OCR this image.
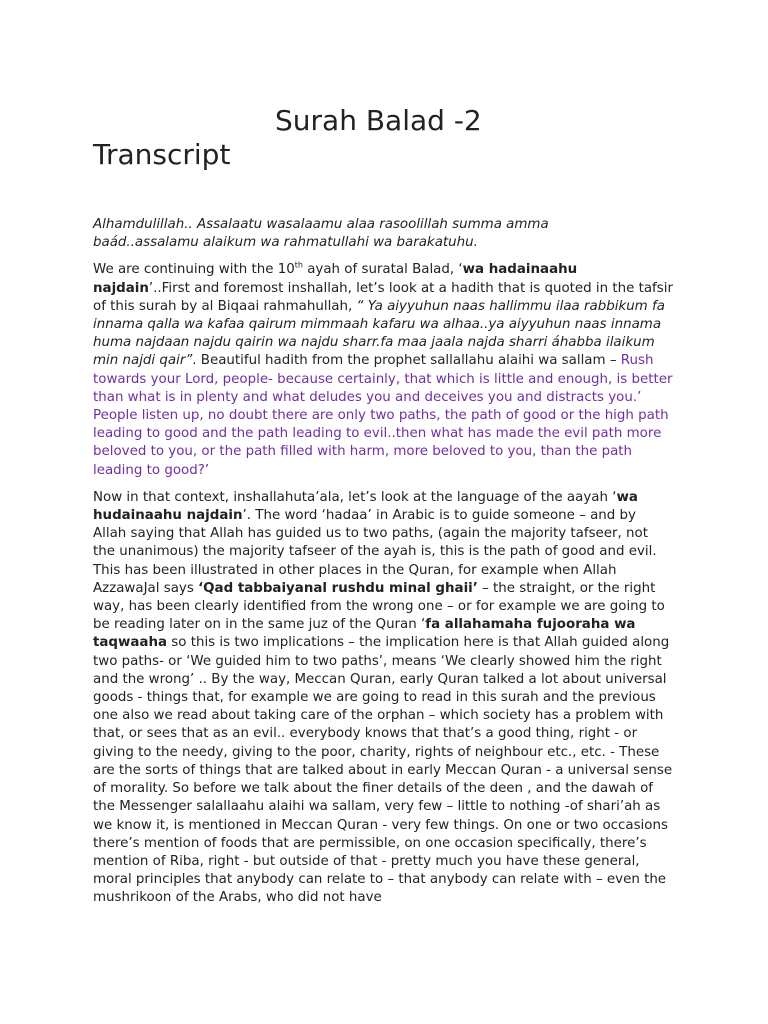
Surah Balad -2
Transcript

Alhamdulillah.. Assalaatu wasalaamu alaa rasoolillah summa amma
baád..assalamu alaikum wa rahmatullahi wa barakatuhu.

We are continuing with the 10th ayah of suratal Balad, ‘wa hadainaahu najdain’..First and foremost inshallah, let’s look at a hadith that is quoted in the tafsir of this surah by al Biqaai rahmahullah, “ Ya aiyyuhun naas hallimmu ilaa rabbikum fa innama qalla wa kafaa qairum mimmaah kafaru wa alhaa..ya aiyyuhun naas innama huma najdaan najdu qairin wa najdu sharr.fa maa jaala najda sharri áhabba ilaikum min najdi qair”. Beautiful hadith from the prophet sallallahu alaihi wa sallam – Rush towards your Lord, people- because certainly, that which is little and enough, is better than what is in plenty and what deludes you and deceives you and distracts you.’ People listen up, no doubt there are only two paths, the path of good or the high path leading to good and the path leading to evil..then what has made the evil path more beloved to you, or the path filled with harm, more beloved to you, than the path leading to good?’

Now in that context, inshallahuta’ala, let’s look at the language of the aayah ‘wa hudainaahu najdain’. The word ‘hadaa’ in Arabic is to guide someone – and by Allah saying that Allah has guided us to two paths, (again the majority tafseer, not the unanimous) the majority tafseer of the ayah is, this is the path of good and evil. This has been illustrated in other places in the Quran, for example when Allah AzzawaJal says ‘Qad tabbaiyanal rushdu minal ghaii’ – the straight, or the right way, has been clearly identified from the wrong one – or for example we are going to be reading later on in the same juz of the Quran ‘fa allahamaha fujooraha wa taqwaaha so this is two implications – the implication here is that Allah guided along two paths- or ‘We guided him to two paths’, means ‘We clearly showed him the right and the wrong’ .. By the way, Meccan Quran, early Quran talked a lot about universal goods - things that, for example we are going to read in this surah and the previous one also we read about taking care of the orphan – which society has a problem with that, or sees that as an evil.. everybody knows that that’s a good thing, right - or giving to the needy, giving to the poor, charity, rights of neighbour etc., etc. - These are the sorts of things that are talked about in early Meccan Quran - a universal sense of morality. So before we talk about the finer details of the deen , and the dawah of the Messenger salallaahu alaihi wa sallam, very few – little to nothing -of shari’ah as we know it, is mentioned in Meccan Quran - very few things. On one or two occasions there’s mention of foods that are permissible, on one occasion specifically, there’s mention of Riba, right - but outside of that - pretty much you have these general, moral principles that anybody can relate to – that anybody can relate with – even the mushrikoon of the Arabs, who did not have
